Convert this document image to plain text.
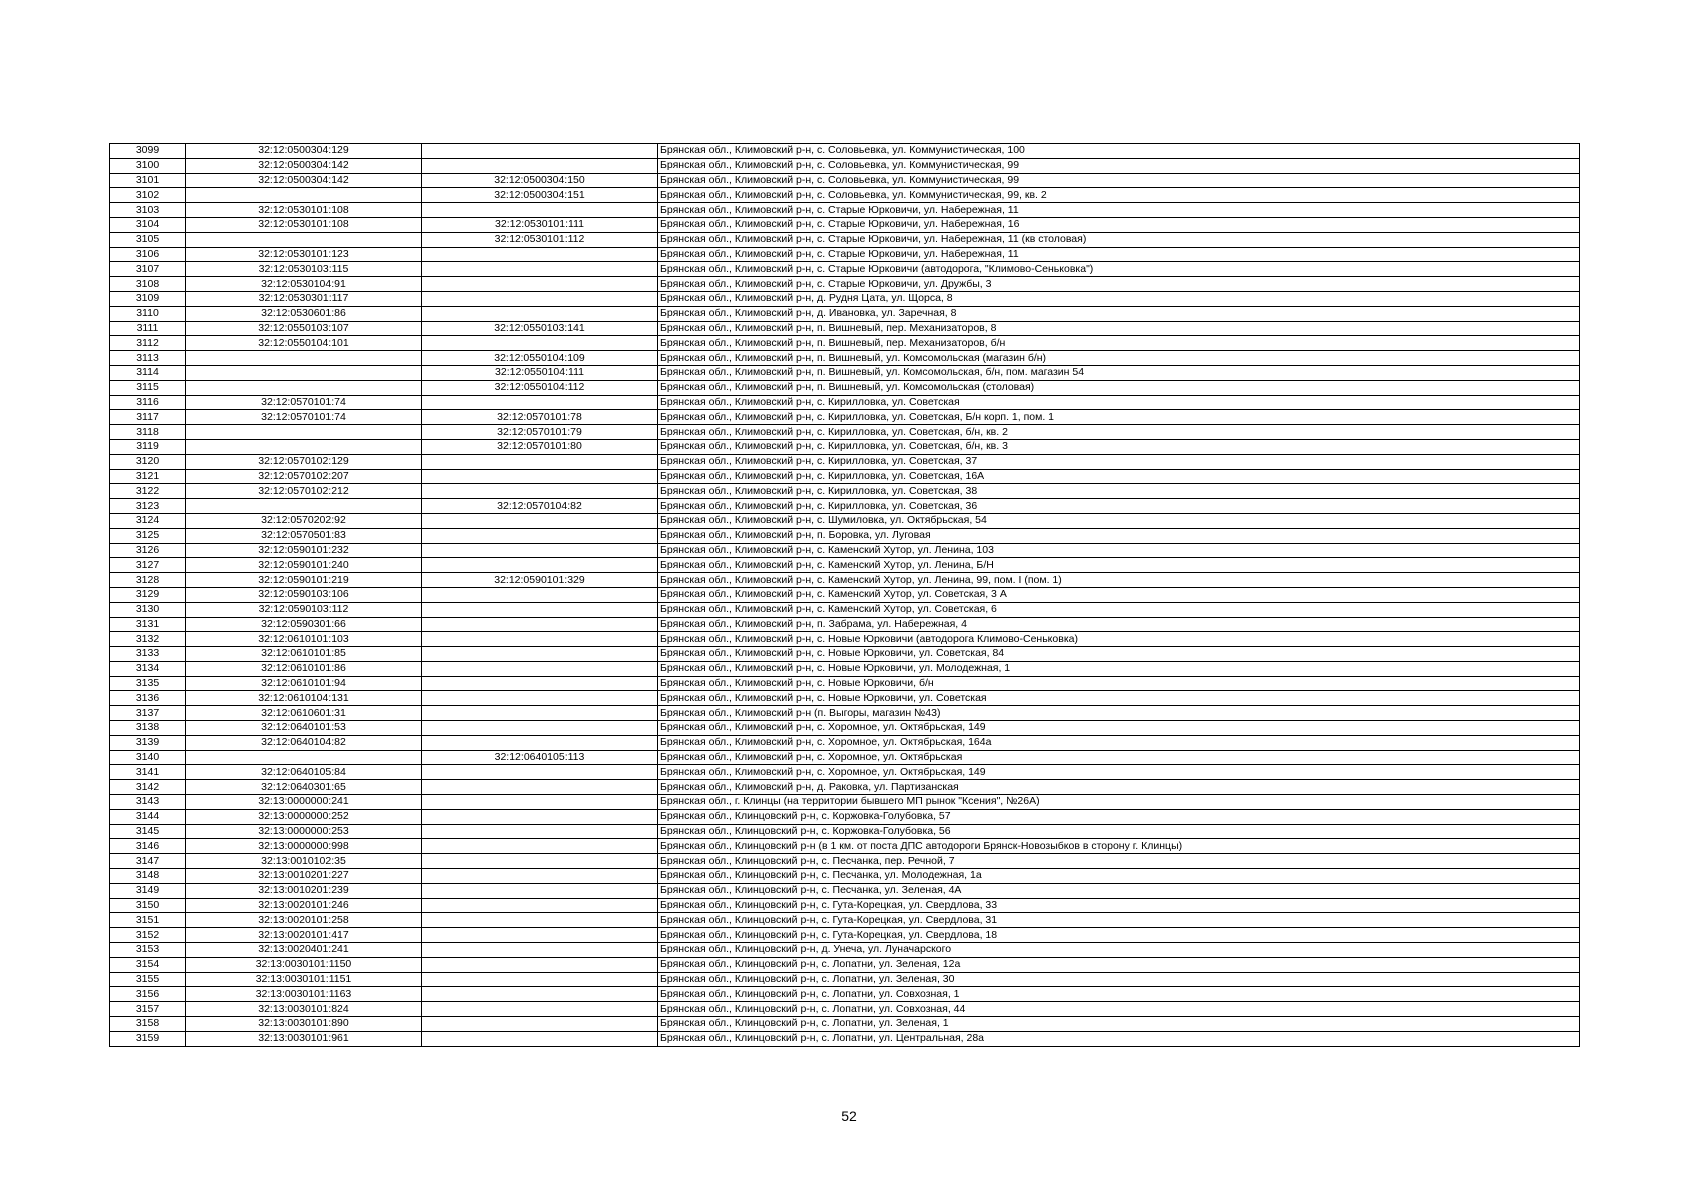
3099	32:12:0500304:129		Брянская обл., Климовский р-н, с. Соловьевка, ул. Коммунистическая, 100
3100	32:12:0500304:142		Брянская обл., Климовский р-н, с. Соловьевка, ул. Коммунистическая, 99
3101	32:12:0500304:142	32:12:0500304:150	Брянская обл., Климовский р-н, с. Соловьевка, ул. Коммунистическая, 99
3102		32:12:0500304:151	Брянская обл., Климовский р-н, с. Соловьевка, ул. Коммунистическая, 99, кв. 2
3103	32:12:0530101:108		Брянская обл., Климовский р-н, с. Старые Юрковичи, ул. Набережная, 11
3104	32:12:0530101:108	32:12:0530101:111	Брянская обл., Климовский р-н, с. Старые Юрковичи, ул. Набережная, 16
3105		32:12:0530101:112	Брянская обл., Климовский р-н, с. Старые Юрковичи, ул. Набережная, 11 (кв столовая)
3106	32:12:0530101:123		Брянская обл., Климовский р-н, с. Старые Юрковичи, ул. Набережная, 11
3107	32:12:0530103:115		Брянская обл., Климовский р-н, с. Старые Юрковичи (автодорога, "Климово-Сеньковка")
3108	32:12:0530104:91		Брянская обл., Климовский р-н, с. Старые Юрковичи, ул. Дружбы, 3
3109	32:12:0530301:117		Брянская обл., Климовский р-н, д. Рудня Цата, ул. Щорса, 8
3110	32:12:0530601:86		Брянская обл., Климовский р-н, д. Ивановка, ул. Заречная, 8
3111	32:12:0550103:107	32:12:0550103:141	Брянская обл., Климовский р-н, п. Вишневый, пер. Механизаторов, 8
3112	32:12:0550104:101		Брянская обл., Климовский р-н, п. Вишневый, пер. Механизаторов, б/н
3113		32:12:0550104:109	Брянская обл., Климовский р-н, п. Вишневый, ул. Комсомольская (магазин б/н)
3114		32:12:0550104:111	Брянская обл., Климовский р-н, п. Вишневый, ул. Комсомольская, б/н, пом. магазин 54
3115		32:12:0550104:112	Брянская обл., Климовский р-н, п. Вишневый, ул. Комсомольская (столовая)
3116	32:12:0570101:74		Брянская обл., Климовский р-н, с. Кирилловка, ул. Советская
3117	32:12:0570101:74	32:12:0570101:78	Брянская обл., Климовский р-н, с. Кирилловка, ул. Советская, Б/н корп. 1, пом. 1
3118		32:12:0570101:79	Брянская обл., Климовский р-н, с. Кирилловка, ул. Советская, б/н, кв. 2
3119		32:12:0570101:80	Брянская обл., Климовский р-н, с. Кирилловка, ул. Советская, б/н, кв. 3
3120	32:12:0570102:129		Брянская обл., Климовский р-н, с. Кирилловка, ул. Советская, 37
3121	32:12:0570102:207		Брянская обл., Климовский р-н, с. Кирилловка, ул. Советская, 16А
3122	32:12:0570102:212		Брянская обл., Климовский р-н, с. Кирилловка, ул. Советская, 38
3123		32:12:0570104:82	Брянская обл., Климовский р-н, с. Кирилловка, ул. Советская, 36
3124	32:12:0570202:92		Брянская обл., Климовский р-н, с. Шумиловка, ул. Октябрьская, 54
3125	32:12:0570501:83		Брянская обл., Климовский р-н, п. Боровка, ул. Луговая
3126	32:12:0590101:232		Брянская обл., Климовский р-н, с. Каменский Хутор, ул. Ленина, 103
3127	32:12:0590101:240		Брянская обл., Климовский р-н, с. Каменский Хутор, ул. Ленина, Б/Н
3128	32:12:0590101:219	32:12:0590101:329	Брянская обл., Климовский р-н, с. Каменский Хутор, ул. Ленина, 99, пом. I (пом. 1)
3129	32:12:0590103:106		Брянская обл., Климовский р-н, с. Каменский Хутор, ул. Советская, 3 А
3130	32:12:0590103:112		Брянская обл., Климовский р-н, с. Каменский Хутор, ул. Советская, 6
3131	32:12:0590301:66		Брянская обл., Климовский р-н, п. Забрама, ул. Набережная, 4
3132	32:12:0610101:103		Брянская обл., Климовский р-н, с. Новые Юрковичи (автодорога Климово-Сеньковка)
3133	32:12:0610101:85		Брянская обл., Климовский р-н, с. Новые Юрковичи, ул. Советская, 84
3134	32:12:0610101:86		Брянская обл., Климовский р-н, с. Новые Юрковичи, ул. Молодежная, 1
3135	32:12:0610101:94		Брянская обл., Климовский р-н, с. Новые Юрковичи, б/н
3136	32:12:0610104:131		Брянская обл., Климовский р-н, с. Новые Юрковичи, ул. Советская
3137	32:12:0610601:31		Брянская обл., Климовский р-н (п. Выгоры, магазин №43)
3138	32:12:0640101:53		Брянская обл., Климовский р-н, с. Хоромное, ул. Октябрьская, 149
3139	32:12:0640104:82		Брянская обл., Климовский р-н, с. Хоромное, ул. Октябрьская, 164а
3140		32:12:0640105:113	Брянская обл., Климовский р-н, с. Хоромное, ул. Октябрьская
3141	32:12:0640105:84		Брянская обл., Климовский р-н, с. Хоромное, ул. Октябрьская, 149
3142	32:12:0640301:65		Брянская обл., Климовский р-н, д. Раковка, ул. Партизанская
3143	32:13:0000000:241		Брянская обл., г. Клинцы (на территории бывшего МП рынок "Ксения", №26А)
3144	32:13:0000000:252		Брянская обл., Клинцовский р-н, с. Коржовка-Голубовка, 57
3145	32:13:0000000:253		Брянская обл., Клинцовский р-н, с. Коржовка-Голубовка, 56
3146	32:13:0000000:998		Брянская обл., Клинцовский р-н (в 1 км. от поста ДПС автодороги Брянск-Новозыбков в сторону г. Клинцы)
3147	32:13:0010102:35		Брянская обл., Клинцовский р-н, с. Песчанка, пер. Речной, 7
3148	32:13:0010201:227		Брянская обл., Клинцовский р-н, с. Песчанка, ул. Молодежная, 1а
3149	32:13:0010201:239		Брянская обл., Клинцовский р-н, с. Песчанка, ул. Зеленая, 4А
3150	32:13:0020101:246		Брянская обл., Клинцовский р-н, с. Гута-Корецкая, ул. Свердлова, 33
3151	32:13:0020101:258		Брянская обл., Клинцовский р-н, с. Гута-Корецкая, ул. Свердлова, 31
3152	32:13:0020101:417		Брянская обл., Клинцовский р-н, с. Гута-Корецкая, ул. Свердлова, 18
3153	32:13:0020401:241		Брянская обл., Клинцовский р-н, д. Унеча, ул. Луначарского
3154	32:13:0030101:1150		Брянская обл., Клинцовский р-н, с. Лопатни, ул. Зеленая, 12а
3155	32:13:0030101:1151		Брянская обл., Клинцовский р-н, с. Лопатни, ул. Зеленая, 30
3156	32:13:0030101:1163		Брянская обл., Клинцовский р-н, с. Лопатни, ул. Совхозная, 1
3157	32:13:0030101:824		Брянская обл., Клинцовский р-н, с. Лопатни, ул. Совхозная, 44
3158	32:13:0030101:890		Брянская обл., Клинцовский р-н, с. Лопатни, ул. Зеленая, 1
3159	32:13:0030101:961		Брянская обл., Клинцовский р-н, с. Лопатни, ул. Центральная, 28а
52
